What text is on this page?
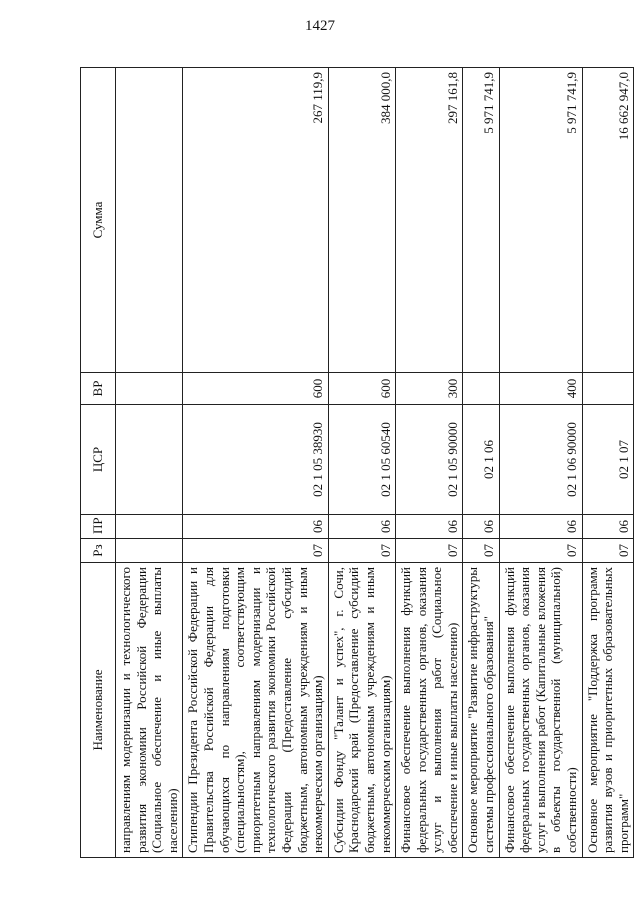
1427
Наименование	Рз	ПР	ЦСР	ВР	Сумма
направлениям модернизации и технологического развития экономики Российской Федерации (Социальное обеспечение и иные выплаты населению)					
Стипендии Президента Российской Федерации и Правительства Российской Федерации для обучающихся по направлениям подготовки (специальностям), соответствующим приоритетным направлениям модернизации и технологического развития экономики Российской Федерации (Предоставление субсидий бюджетным, автономным учреждениям и иным некоммерческим организациям)	07	06	02 1 05 38930	600	267 119,9
Субсидии Фонду "Талант и успех", г. Сочи, Краснодарский край (Предоставление субсидий бюджетным, автономным учреждениям и иным некоммерческим организациям)	07	06	02 1 05 60540	600	384 000,0
Финансовое обеспечение выполнения функций федеральных государственных органов, оказания услуг и выполнения работ (Социальное обеспечение и иные выплаты населению)	07	06	02 1 05 90000	300	297 161,8
Основное мероприятие "Развитие инфраструктуры системы профессионального образования"	07	06	02 1 06		5 971 741,9
Финансовое обеспечение выполнения функций федеральных государственных органов, оказания услуг и выполнения работ (Капитальные вложения в объекты государственной (муниципальной) собственности)	07	06	02 1 06 90000	400	5 971 741,9
Основное мероприятие "Поддержка программ развития вузов и приоритетных образовательных программ"	07	06	02 1 07		16 662 947,0
